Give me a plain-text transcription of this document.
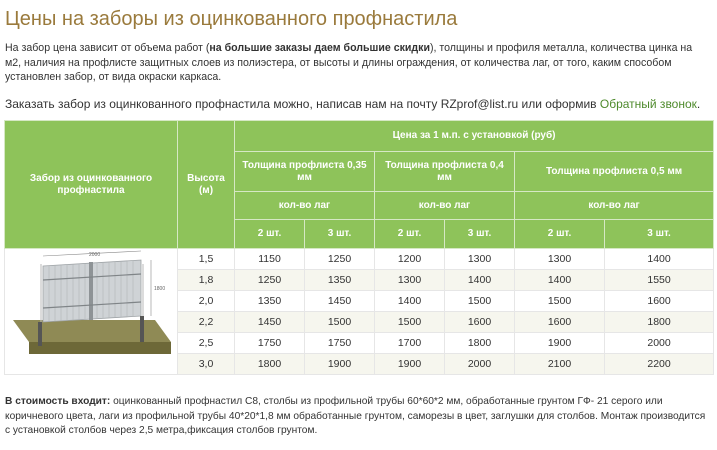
Цены на заборы из оцинкованного профнастила
На забор цена зависит от объема работ (на большие заказы даем большие скидки), толщины и профиля металла, количества цинка на м2, наличия на профлисте защитных слоев из полиэстера, от высоты и длины ограждения, от количества лаг, от того, каким способом установлен забор, от вида окраски каркаса.
Заказать забор из оцинкованного профнастила можно, написав нам на почту RZprof@list.ru или оформив Обратный звонок.
Забор из оцинкованного профнастила	Высота (м)	Цена за 1 м.п. с установкой (руб)					
		Толщина профлиста 0,35 мм		Толщина профлиста 0,4 мм		Толщина профлиста 0,5 мм	
		кол-во лаг		кол-во лаг		кол-во лаг	
		2 шт.	3 шт.	2 шт.	3 шт.	2 шт.	3 шт.

2000
1800	1,5	1150	1250	1200	1300	1300	1400
	1,8	1250	1350	1300	1400	1400	1550
	2,0	1350	1450	1400	1500	1500	1600
	2,2	1450	1500	1500	1600	1600	1800
	2,5	1750	1750	1700	1800	1900	2000
	3,0	1800	1900	1900	2000	2100	2200
В стоимость входит: оцинкованный профнастил С8, столбы из профильной трубы 60*60*2 мм, обработанные грунтом ГФ- 21 серого или коричневого цвета, лаги из профильной трубы 40*20*1,8 мм обработанные грунтом, саморезы в цвет, заглушки для столбов. Монтаж производится с установкой столбов через 2,5 метра,фиксация столбов грунтом.
